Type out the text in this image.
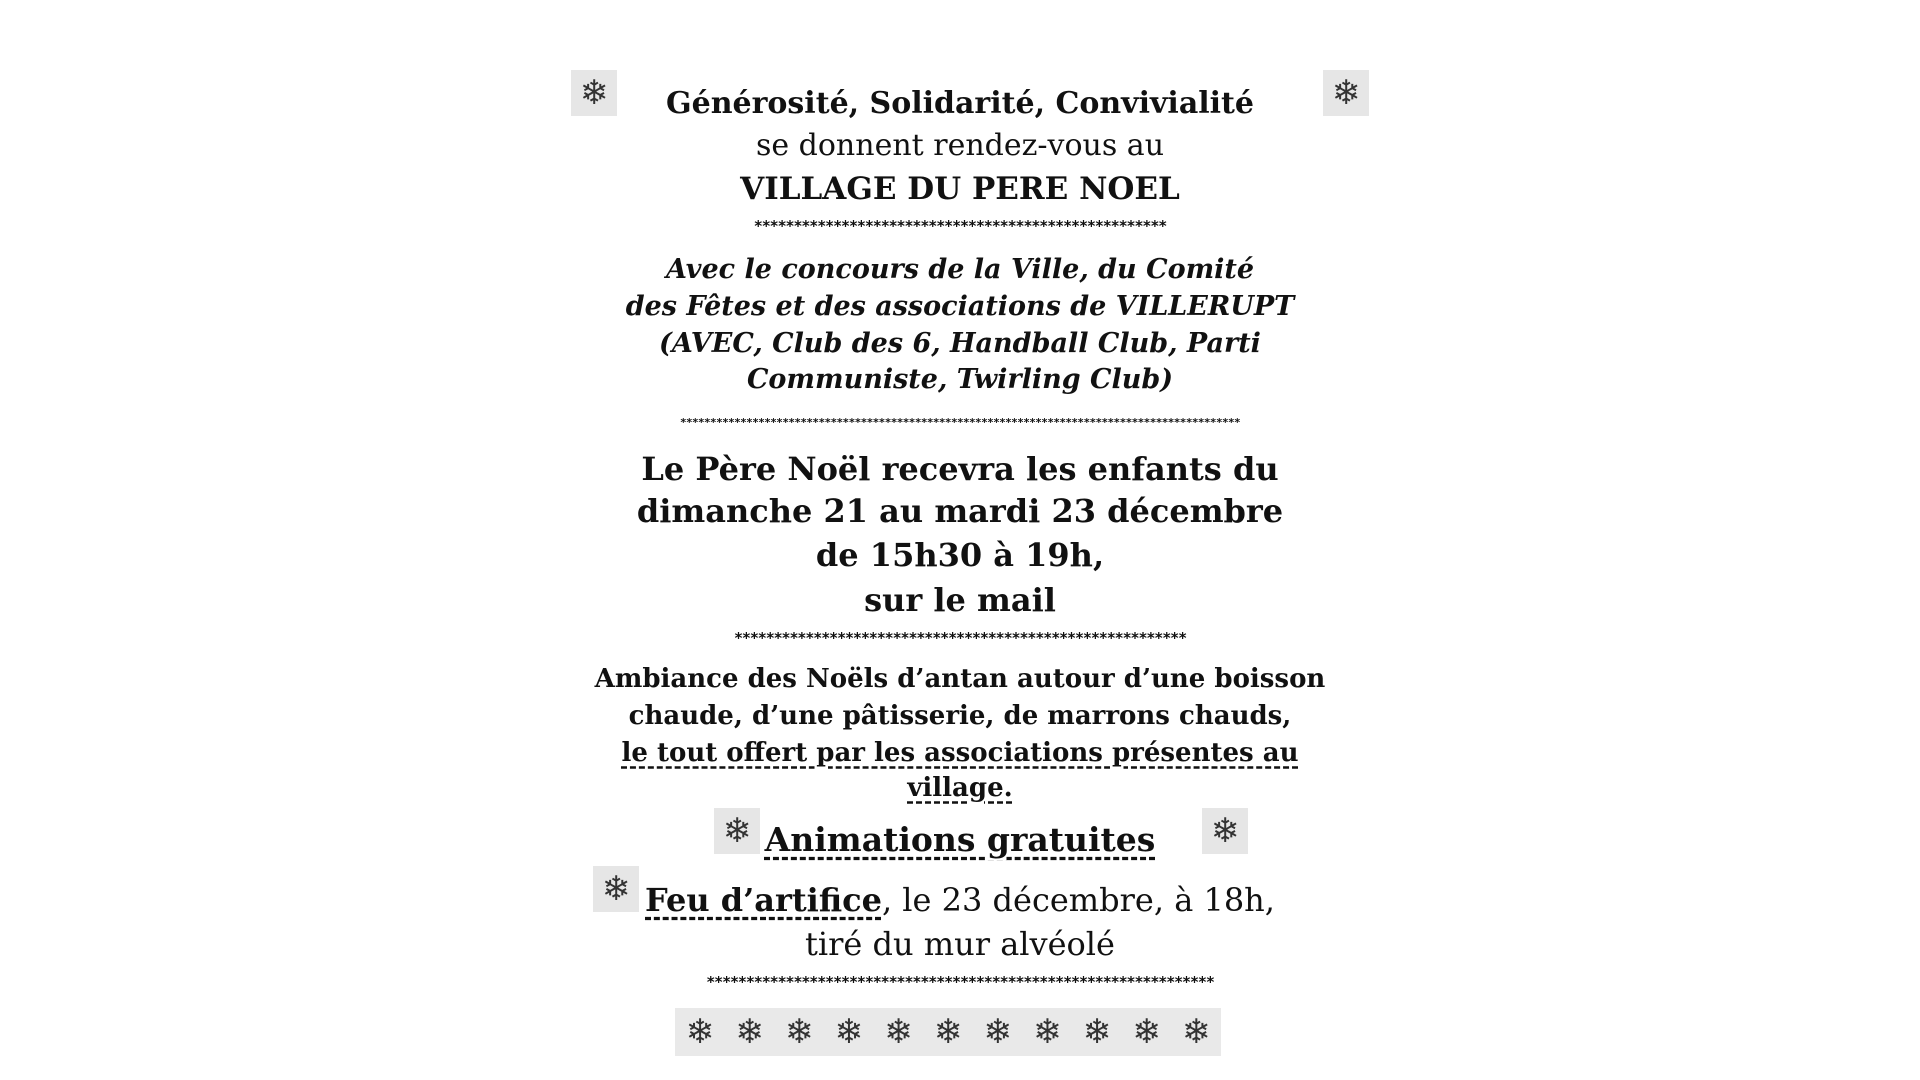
❄	❄
Générosité, Solidarité, Convivialité
se donnent rendez-vous au
VILLAGE DU PERE NOEL
****************************************************
Avec le concours de la Ville, du Comité
des Fêtes et des associations de VILLERUPT
(AVEC, Club des 6, Handball Club, Parti
Communiste, Twirling Club)
*********************************************************************************************
Le Père Noël recevra les enfants du
dimanche 21 au mardi 23 décembre
de 15h30 à 19h,
sur le mail
*********************************************************
Ambiance des Noëls d’antan autour d’une boisson
chaude, d’une pâtisserie, de marrons chauds,
le tout offert par les associations présentes au
village.
❄ Animations gratuites	❄
❄ Feu d’artifice, le 23 décembre, à 18h,
tiré du mur alvéolé
****************************************************************
❄ ❄ ❄ ❄ ❄ ❄ ❄ ❄ ❄ ❄ ❄
